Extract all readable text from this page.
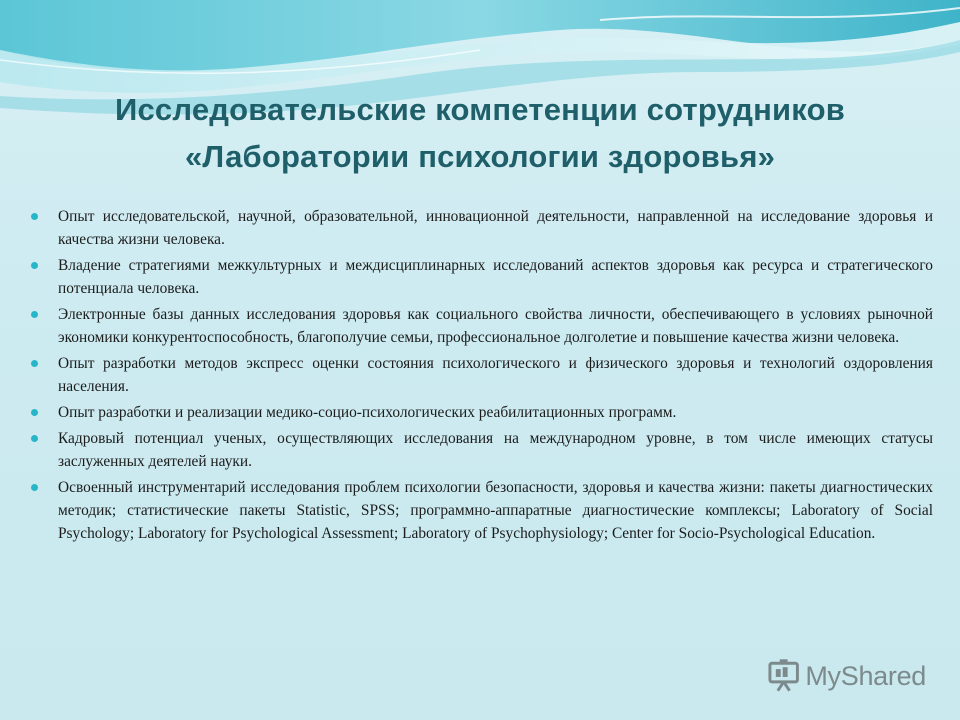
Исследовательские компетенции сотрудников
«Лаборатории психологии здоровья»
Опыт исследовательской, научной, образовательной, инновационной деятельности, направленной на исследование здоровья и качества жизни человека.
Владение стратегиями межкультурных и междисциплинарных исследований аспектов здоровья как ресурса и стратегического потенциала человека.
Электронные базы данных исследования здоровья как социального свойства личности, обеспечивающего в условиях рыночной экономики конкурентоспособность, благополучие семьи, профессиональное долголетие и повышение качества жизни человека.
Опыт разработки методов экспресс оценки состояния психологического и физического здоровья и технологий оздоровления населения.
Опыт разработки и реализации медико-социо-психологических реабилитационных программ.
Кадровый потенциал ученых, осуществляющих исследования на международном уровне, в том числе имеющих статусы заслуженных деятелей науки.
Освоенный инструментарий исследования проблем психологии безопасности, здоровья и качества жизни: пакеты диагностических методик; статистические пакеты Statistic, SPSS; программно-аппаратные диагностические комплексы; Laboratory of Social Psychology; Laboratory for Psychological Assessment; Laboratory of Psychophysiology; Center for Socio-Psychological Education.
MyShared
